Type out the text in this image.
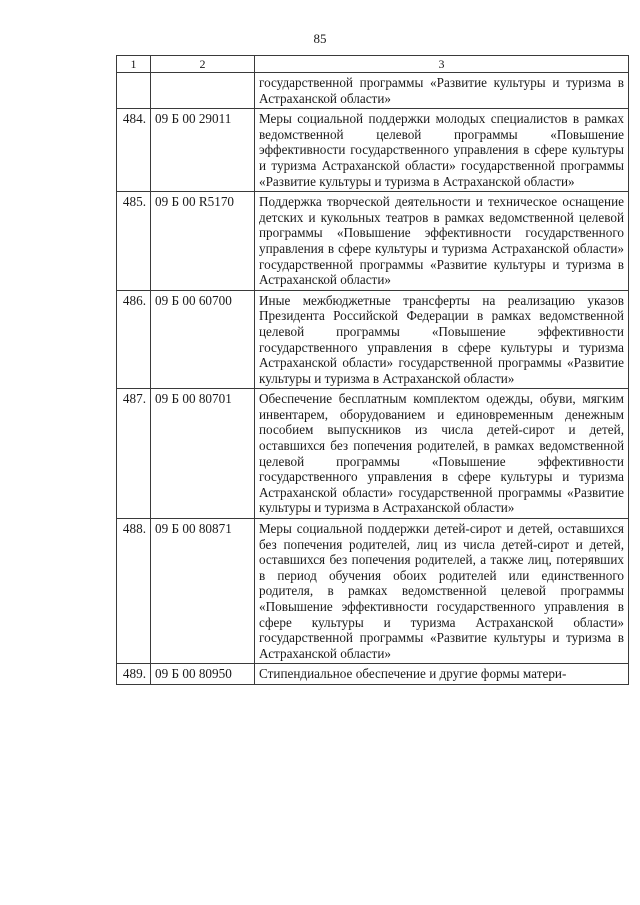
85
1	2	3
		государственной программы «Развитие культуры и туризма в Астраханской области»
484.	09 Б 00 29011	Меры социальной поддержки молодых специалистов в рамках ведомственной целевой программы «Повышение эффективности государственного управления в сфере культуры и туризма Астраханской области» государственной программы «Развитие культуры и туризма в Астраханской области»
485.	09 Б 00 R5170	Поддержка творческой деятельности и техническое оснащение детских и кукольных театров в рамках ведомственной целевой программы «Повышение эффективности государственного управления в сфере культуры и туризма Астраханской области» государственной программы «Развитие культуры и туризма в Астраханской области»
486.	09 Б 00 60700	Иные межбюджетные трансферты на реализацию указов Президента Российской Федерации в рамках ведомственной целевой программы «Повышение эффективности государственного управления в сфере культуры и туризма Астраханской области» государственной программы «Развитие культуры и туризма в Астраханской области»
487.	09 Б 00 80701	Обеспечение бесплатным комплектом одежды, обуви, мягким инвентарем, оборудованием и единовременным денежным пособием выпускников из числа детей-сирот и детей, оставшихся без попечения родителей, в рамках ведомственной целевой программы «Повышение эффективности государственного управления в сфере культуры и туризма Астраханской области» государственной программы «Развитие культуры и туризма в Астраханской области»
488.	09 Б 00 80871	Меры социальной поддержки детей-сирот и детей, оставшихся без попечения родителей, лиц из числа детей-сирот и детей, оставшихся без попечения родителей, а также лиц, потерявших в период обучения обоих родителей или единственного родителя, в рамках ведомственной целевой программы «Повышение эффективности государственного управления в сфере культуры и туризма Астраханской области» государственной программы «Развитие культуры и туризма в Астраханской области»
489.	09 Б 00 80950	Стипендиальное обеспечение и другие формы матери-
